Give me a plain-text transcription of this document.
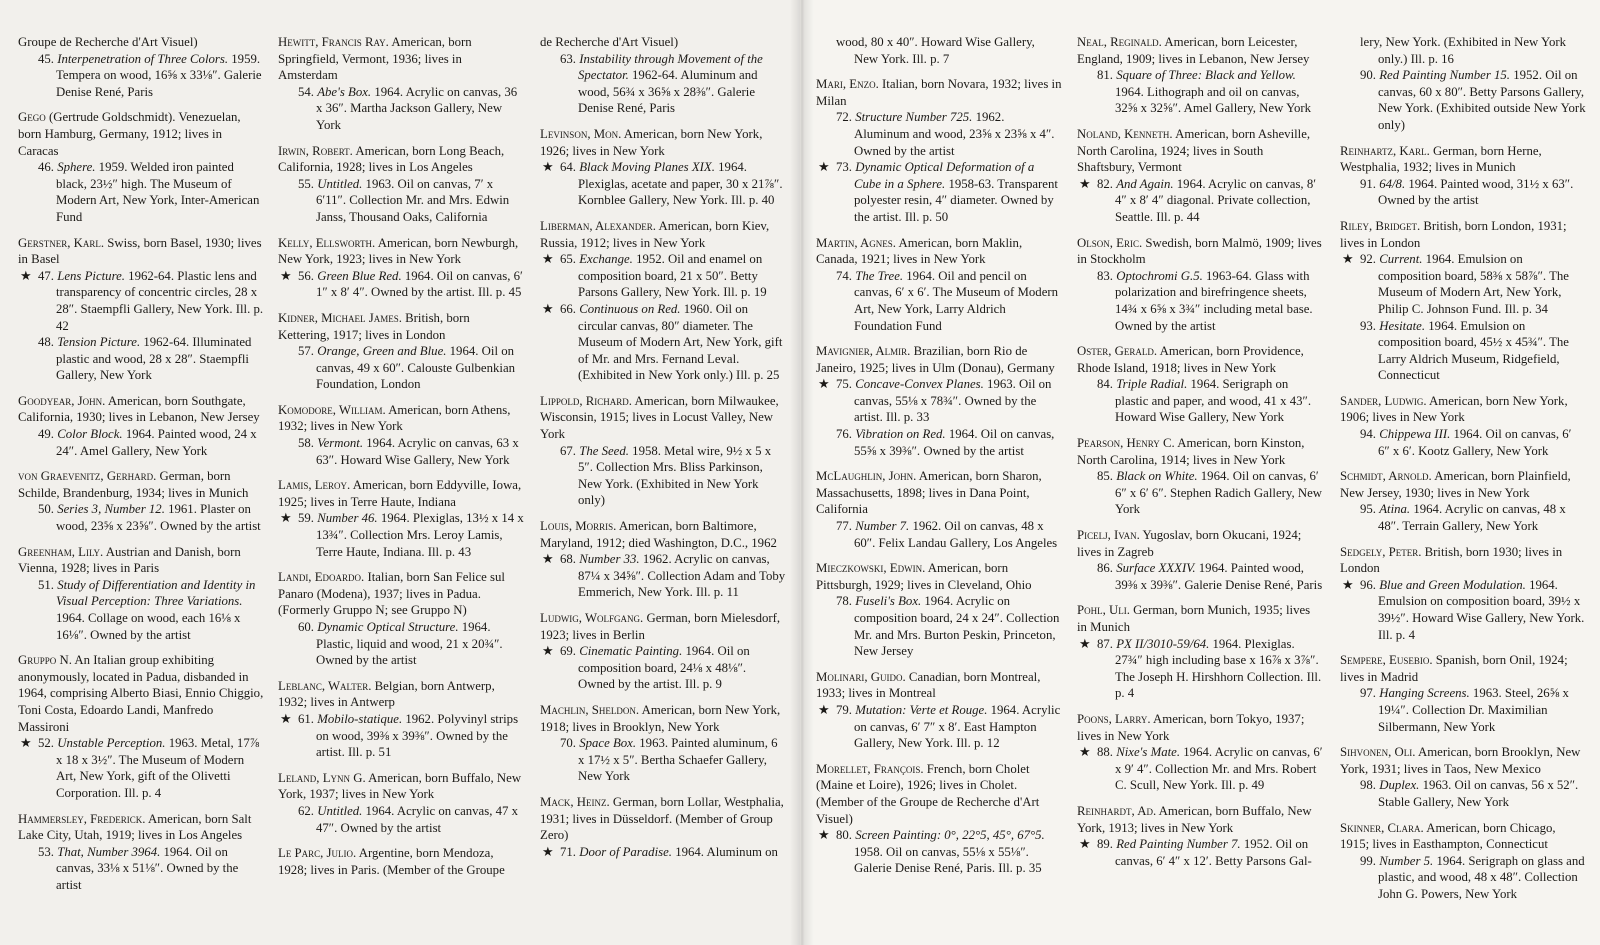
Groupe de Recherche d'Art Visuel)
45. Interpenetration of Three Colors. 1959. Tempera on wood, 16⅝ x 33⅛″. Galerie Denise René, Paris
Gego (Gertrude Goldschmidt). Venezuelan, born Hamburg, Germany, 1912; lives in Caracas
46. Sphere. 1959. Welded iron painted black, 23½″ high. The Museum of Modern Art, New York, Inter-American Fund
Gerstner, Karl. Swiss, born Basel, 1930; lives in Basel
★ 47. Lens Picture. 1962-64. Plastic lens and transparency of concentric circles, 28 x 28″. Staempfli Gallery, New York. Ill. p. 42
48. Tension Picture. 1962-64. Illuminated plastic and wood, 28 x 28″. Staempfli Gallery, New York
Goodyear, John. American, born Southgate, California, 1930; lives in Lebanon, New Jersey
49. Color Block. 1964. Painted wood, 24 x 24″. Amel Gallery, New York
von Graevenitz, Gerhard. German, born Schilde, Brandenburg, 1934; lives in Munich
50. Series 3, Number 12. 1961. Plaster on wood, 23⅝ x 23⅝″. Owned by the artist
Greenham, Lily. Austrian and Danish, born Vienna, 1928; lives in Paris
51. Study of Differentiation and Identity in Visual Perception: Three Variations. 1964. Collage on wood, each 16⅛ x 16⅛″. Owned by the artist
Gruppo N. An Italian group exhibiting anonymously, located in Padua, disbanded in 1964, comprising Alberto Biasi, Ennio Chiggio, Toni Costa, Edoardo Landi, Manfredo Massironi
★ 52. Unstable Perception. 1963. Metal, 17⅞ x 18 x 3½″. The Museum of Modern Art, New York, gift of the Olivetti Corporation. Ill. p. 4
Hammersley, Frederick. American, born Salt Lake City, Utah, 1919; lives in Los Angeles
53. That, Number 3964. 1964. Oil on canvas, 33⅛ x 51⅛″. Owned by the artist
Hewitt, Francis Ray. American, born Springfield, Vermont, 1936; lives in Amsterdam
54. Abe's Box. 1964. Acrylic on canvas, 36 x 36″. Martha Jackson Gallery, New York
Irwin, Robert. American, born Long Beach, California, 1928; lives in Los Angeles
55. Untitled. 1963. Oil on canvas, 7′ x 6′11″. Collection Mr. and Mrs. Edwin Janss, Thousand Oaks, California
Kelly, Ellsworth. American, born Newburgh, New York, 1923; lives in New York
★ 56. Green Blue Red. 1964. Oil on canvas, 6′ 1″ x 8′ 4″. Owned by the artist. Ill. p. 45
Kidner, Michael James. British, born Kettering, 1917; lives in London
57. Orange, Green and Blue. 1964. Oil on canvas, 49 x 60″. Calouste Gulbenkian Foundation, London
Komodore, William. American, born Athens, 1932; lives in New York
58. Vermont. 1964. Acrylic on canvas, 63 x 63″. Howard Wise Gallery, New York
Lamis, Leroy. American, born Eddyville, Iowa, 1925; lives in Terre Haute, Indiana
★ 59. Number 46. 1964. Plexiglas, 13½ x 14 x 13¾″. Collection Mrs. Leroy Lamis, Terre Haute, Indiana. Ill. p. 43
Landi, Edoardo. Italian, born San Felice sul Panaro (Modena), 1937; lives in Padua. (Formerly Gruppo N; see Gruppo N)
60. Dynamic Optical Structure. 1964. Plastic, liquid and wood, 21 x 20¾″. Owned by the artist
Leblanc, Walter. Belgian, born Antwerp, 1932; lives in Antwerp
★ 61. Mobilo-statique. 1962. Polyvinyl strips on wood, 39⅜ x 39⅜″. Owned by the artist. Ill. p. 51
Leland, Lynn G. American, born Buffalo, New York, 1937; lives in New York
62. Untitled. 1964. Acrylic on canvas, 47 x 47″. Owned by the artist
Le Parc, Julio. Argentine, born Mendoza, 1928; lives in Paris. (Member of the Groupe
de Recherche d'Art Visuel)
63. Instability through Movement of the Spectator. 1962-64. Aluminum and wood, 56¾ x 36⅝ x 28⅜″. Galerie Denise René, Paris
Levinson, Mon. American, born New York, 1926; lives in New York
★ 64. Black Moving Planes XIX. 1964. Plexiglas, acetate and paper, 30 x 21⅞″. Kornblee Gallery, New York. Ill. p. 40
Liberman, Alexander. American, born Kiev, Russia, 1912; lives in New York
★ 65. Exchange. 1952. Oil and enamel on composition board, 21 x 50″. Betty Parsons Gallery, New York. Ill. p. 19
★ 66. Continuous on Red. 1960. Oil on circular canvas, 80″ diameter. The Museum of Modern Art, New York, gift of Mr. and Mrs. Fernand Leval. (Exhibited in New York only.) Ill. p. 25
Lippold, Richard. American, born Milwaukee, Wisconsin, 1915; lives in Locust Valley, New York
67. The Seed. 1958. Metal wire, 9½ x 5 x 5″. Collection Mrs. Bliss Parkinson, New York. (Exhibited in New York only)
Louis, Morris. American, born Baltimore, Maryland, 1912; died Washington, D.C., 1962
★ 68. Number 33. 1962. Acrylic on canvas, 87¼ x 34⅝″. Collection Adam and Toby Emmerich, New York. Ill. p. 11
Ludwig, Wolfgang. German, born Mielesdorf, 1923; lives in Berlin
★ 69. Cinematic Painting. 1964. Oil on composition board, 24⅛ x 48⅛″. Owned by the artist. Ill. p. 9
Machlin, Sheldon. American, born New York, 1918; lives in Brooklyn, New York
70. Space Box. 1963. Painted aluminum, 6 x 17½ x 5″. Bertha Schaefer Gallery, New York
Mack, Heinz. German, born Lollar, Westphalia, 1931; lives in Düsseldorf. (Member of Group Zero)
★ 71. Door of Paradise. 1964. Aluminum on
wood, 80 x 40″. Howard Wise Gallery, New York. Ill. p. 7
Mari, Enzo. Italian, born Novara, 1932; lives in Milan
72. Structure Number 725. 1962. Aluminum and wood, 23⅝ x 23⅝ x 4″. Owned by the artist
★ 73. Dynamic Optical Deformation of a Cube in a Sphere. 1958-63. Transparent polyester resin, 4″ diameter. Owned by the artist. Ill. p. 50
Martin, Agnes. American, born Maklin, Canada, 1921; lives in New York
74. The Tree. 1964. Oil and pencil on canvas, 6′ x 6′. The Museum of Modern Art, New York, Larry Aldrich Foundation Fund
Mavignier, Almir. Brazilian, born Rio de Janeiro, 1925; lives in Ulm (Donau), Germany
★ 75. Concave-Convex Planes. 1963. Oil on canvas, 55⅛ x 78¾″. Owned by the artist. Ill. p. 33
76. Vibration on Red. 1964. Oil on canvas, 55⅝ x 39⅜″. Owned by the artist
McLaughlin, John. American, born Sharon, Massachusetts, 1898; lives in Dana Point, California
77. Number 7. 1962. Oil on canvas, 48 x 60″. Felix Landau Gallery, Los Angeles
Mieczkowski, Edwin. American, born Pittsburgh, 1929; lives in Cleveland, Ohio
78. Fuseli's Box. 1964. Acrylic on composition board, 24 x 24″. Collection Mr. and Mrs. Burton Peskin, Princeton, New Jersey
Molinari, Guido. Canadian, born Montreal, 1933; lives in Montreal
★ 79. Mutation: Verte et Rouge. 1964. Acrylic on canvas, 6′ 7″ x 8′. East Hampton Gallery, New York. Ill. p. 12
Morellet, François. French, born Cholet (Maine et Loire), 1926; lives in Cholet. (Member of the Groupe de Recherche d'Art Visuel)
★ 80. Screen Painting: 0°, 22°5, 45°, 67°5. 1958. Oil on canvas, 55⅛ x 55⅛″. Galerie Denise René, Paris. Ill. p. 35
Neal, Reginald. American, born Leicester, England, 1909; lives in Lebanon, New Jersey
81. Square of Three: Black and Yellow. 1964. Lithograph and oil on canvas, 32⅝ x 32⅝″. Amel Gallery, New York
Noland, Kenneth. American, born Asheville, North Carolina, 1924; lives in South Shaftsbury, Vermont
★ 82. And Again. 1964. Acrylic on canvas, 8′ 4″ x 8′ 4″ diagonal. Private collection, Seattle. Ill. p. 44
Olson, Eric. Swedish, born Malmö, 1909; lives in Stockholm
83. Optochromi G.5. 1963-64. Glass with polarization and birefringence sheets, 14¾ x 6⅝ x 3¾″ including metal base. Owned by the artist
Oster, Gerald. American, born Providence, Rhode Island, 1918; lives in New York
84. Triple Radial. 1964. Serigraph on plastic and paper, and wood, 41 x 43″. Howard Wise Gallery, New York
Pearson, Henry C. American, born Kinston, North Carolina, 1914; lives in New York
85. Black on White. 1964. Oil on canvas, 6′ 6″ x 6′ 6″. Stephen Radich Gallery, New York
Picelj, Ivan. Yugoslav, born Okucani, 1924; lives in Zagreb
86. Surface XXXIV. 1964. Painted wood, 39⅜ x 39⅜″. Galerie Denise René, Paris
Pohl, Uli. German, born Munich, 1935; lives in Munich
★ 87. PX II/3010-59/64. 1964. Plexiglas. 27¾″ high including base x 16⅞ x 3⅞″. The Joseph H. Hirshhorn Collection. Ill. p. 4
Poons, Larry. American, born Tokyo, 1937; lives in New York
★ 88. Nixe's Mate. 1964. Acrylic on canvas, 6′ x 9′ 4″. Collection Mr. and Mrs. Robert C. Scull, New York. Ill. p. 49
Reinhardt, Ad. American, born Buffalo, New York, 1913; lives in New York
★ 89. Red Painting Number 7. 1952. Oil on canvas, 6′ 4″ x 12′. Betty Parsons Gal-
lery, New York. (Exhibited in New York only.) Ill. p. 16
90. Red Painting Number 15. 1952. Oil on canvas, 60 x 80″. Betty Parsons Gallery, New York. (Exhibited outside New York only)
Reinhartz, Karl. German, born Herne, Westphalia, 1932; lives in Munich
91. 64/8. 1964. Painted wood, 31½ x 63″. Owned by the artist
Riley, Bridget. British, born London, 1931; lives in London
★ 92. Current. 1964. Emulsion on composition board, 58⅜ x 58⅞″. The Museum of Modern Art, New York, Philip C. Johnson Fund. Ill. p. 34
93. Hesitate. 1964. Emulsion on composition board, 45½ x 45¾″. The Larry Aldrich Museum, Ridgefield, Connecticut
Sander, Ludwig. American, born New York, 1906; lives in New York
94. Chippewa III. 1964. Oil on canvas, 6′ 6″ x 6′. Kootz Gallery, New York
Schmidt, Arnold. American, born Plainfield, New Jersey, 1930; lives in New York
95. Atina. 1964. Acrylic on canvas, 48 x 48″. Terrain Gallery, New York
Sedgely, Peter. British, born 1930; lives in London
★ 96. Blue and Green Modulation. 1964. Emulsion on composition board, 39½ x 39½″. Howard Wise Gallery, New York. Ill. p. 4
Sempere, Eusebio. Spanish, born Onil, 1924; lives in Madrid
97. Hanging Screens. 1963. Steel, 26⅝ x 19¼″. Collection Dr. Maximilian Silbermann, New York
Sihvonen, Oli. American, born Brooklyn, New York, 1931; lives in Taos, New Mexico
98. Duplex. 1963. Oil on canvas, 56 x 52″. Stable Gallery, New York
Skinner, Clara. American, born Chicago, 1915; lives in Easthampton, Connecticut
99. Number 5. 1964. Serigraph on glass and plastic, and wood, 48 x 48″. Collection John G. Powers, New York
